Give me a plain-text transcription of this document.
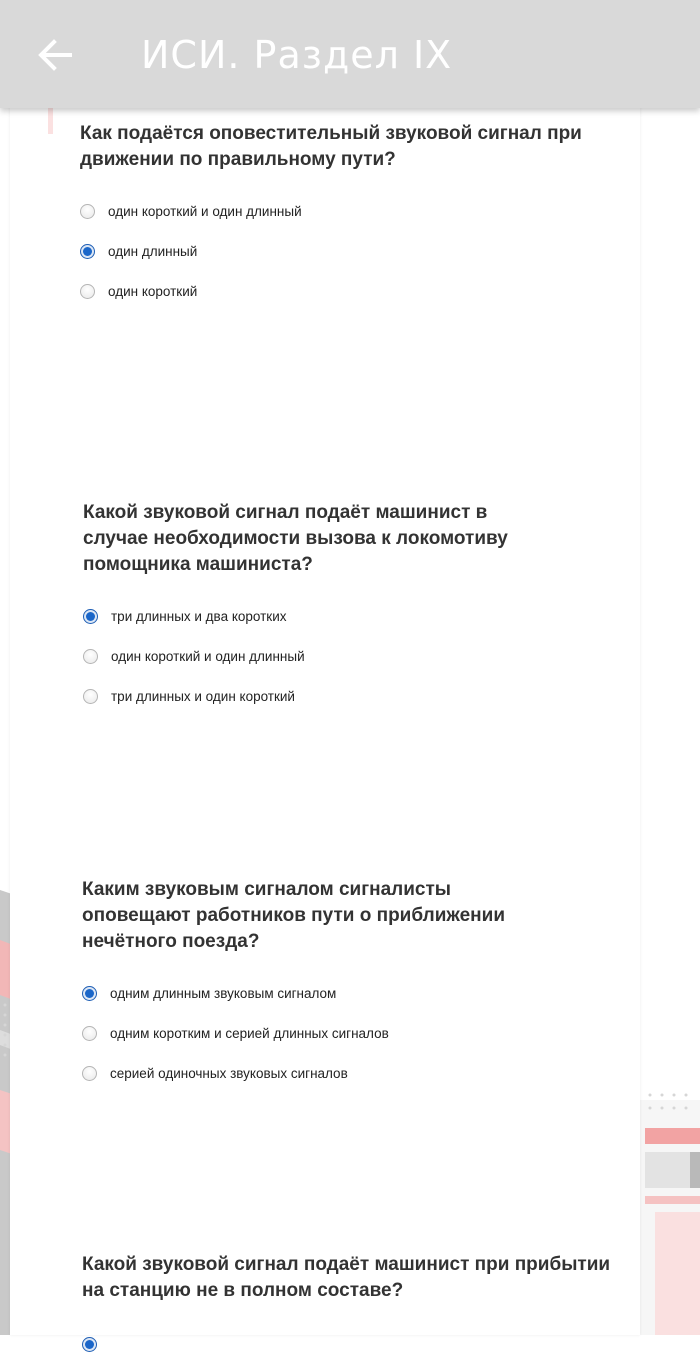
ИСИ. Раздел IX

Как подаётся оповестительный звуковой сигнал при движении по правильному пути?

один короткий и один длинный
один длинный
один короткий

Какой звуковой сигнал подаёт машинист в случае необходимости вызова к локомотиву помощника машиниста?

три длинных и два коротких
один короткий и один длинный
три длинных и один короткий

Каким звуковым сигналом сигналисты оповещают работников пути о приближении нечётного поезда?

одним длинным звуковым сигналом
одним коротким и серией длинных сигналов
серией одиночных звуковых сигналов

Какой звуковой сигнал подаёт машинист при прибытии на станцию не в полном составе?
